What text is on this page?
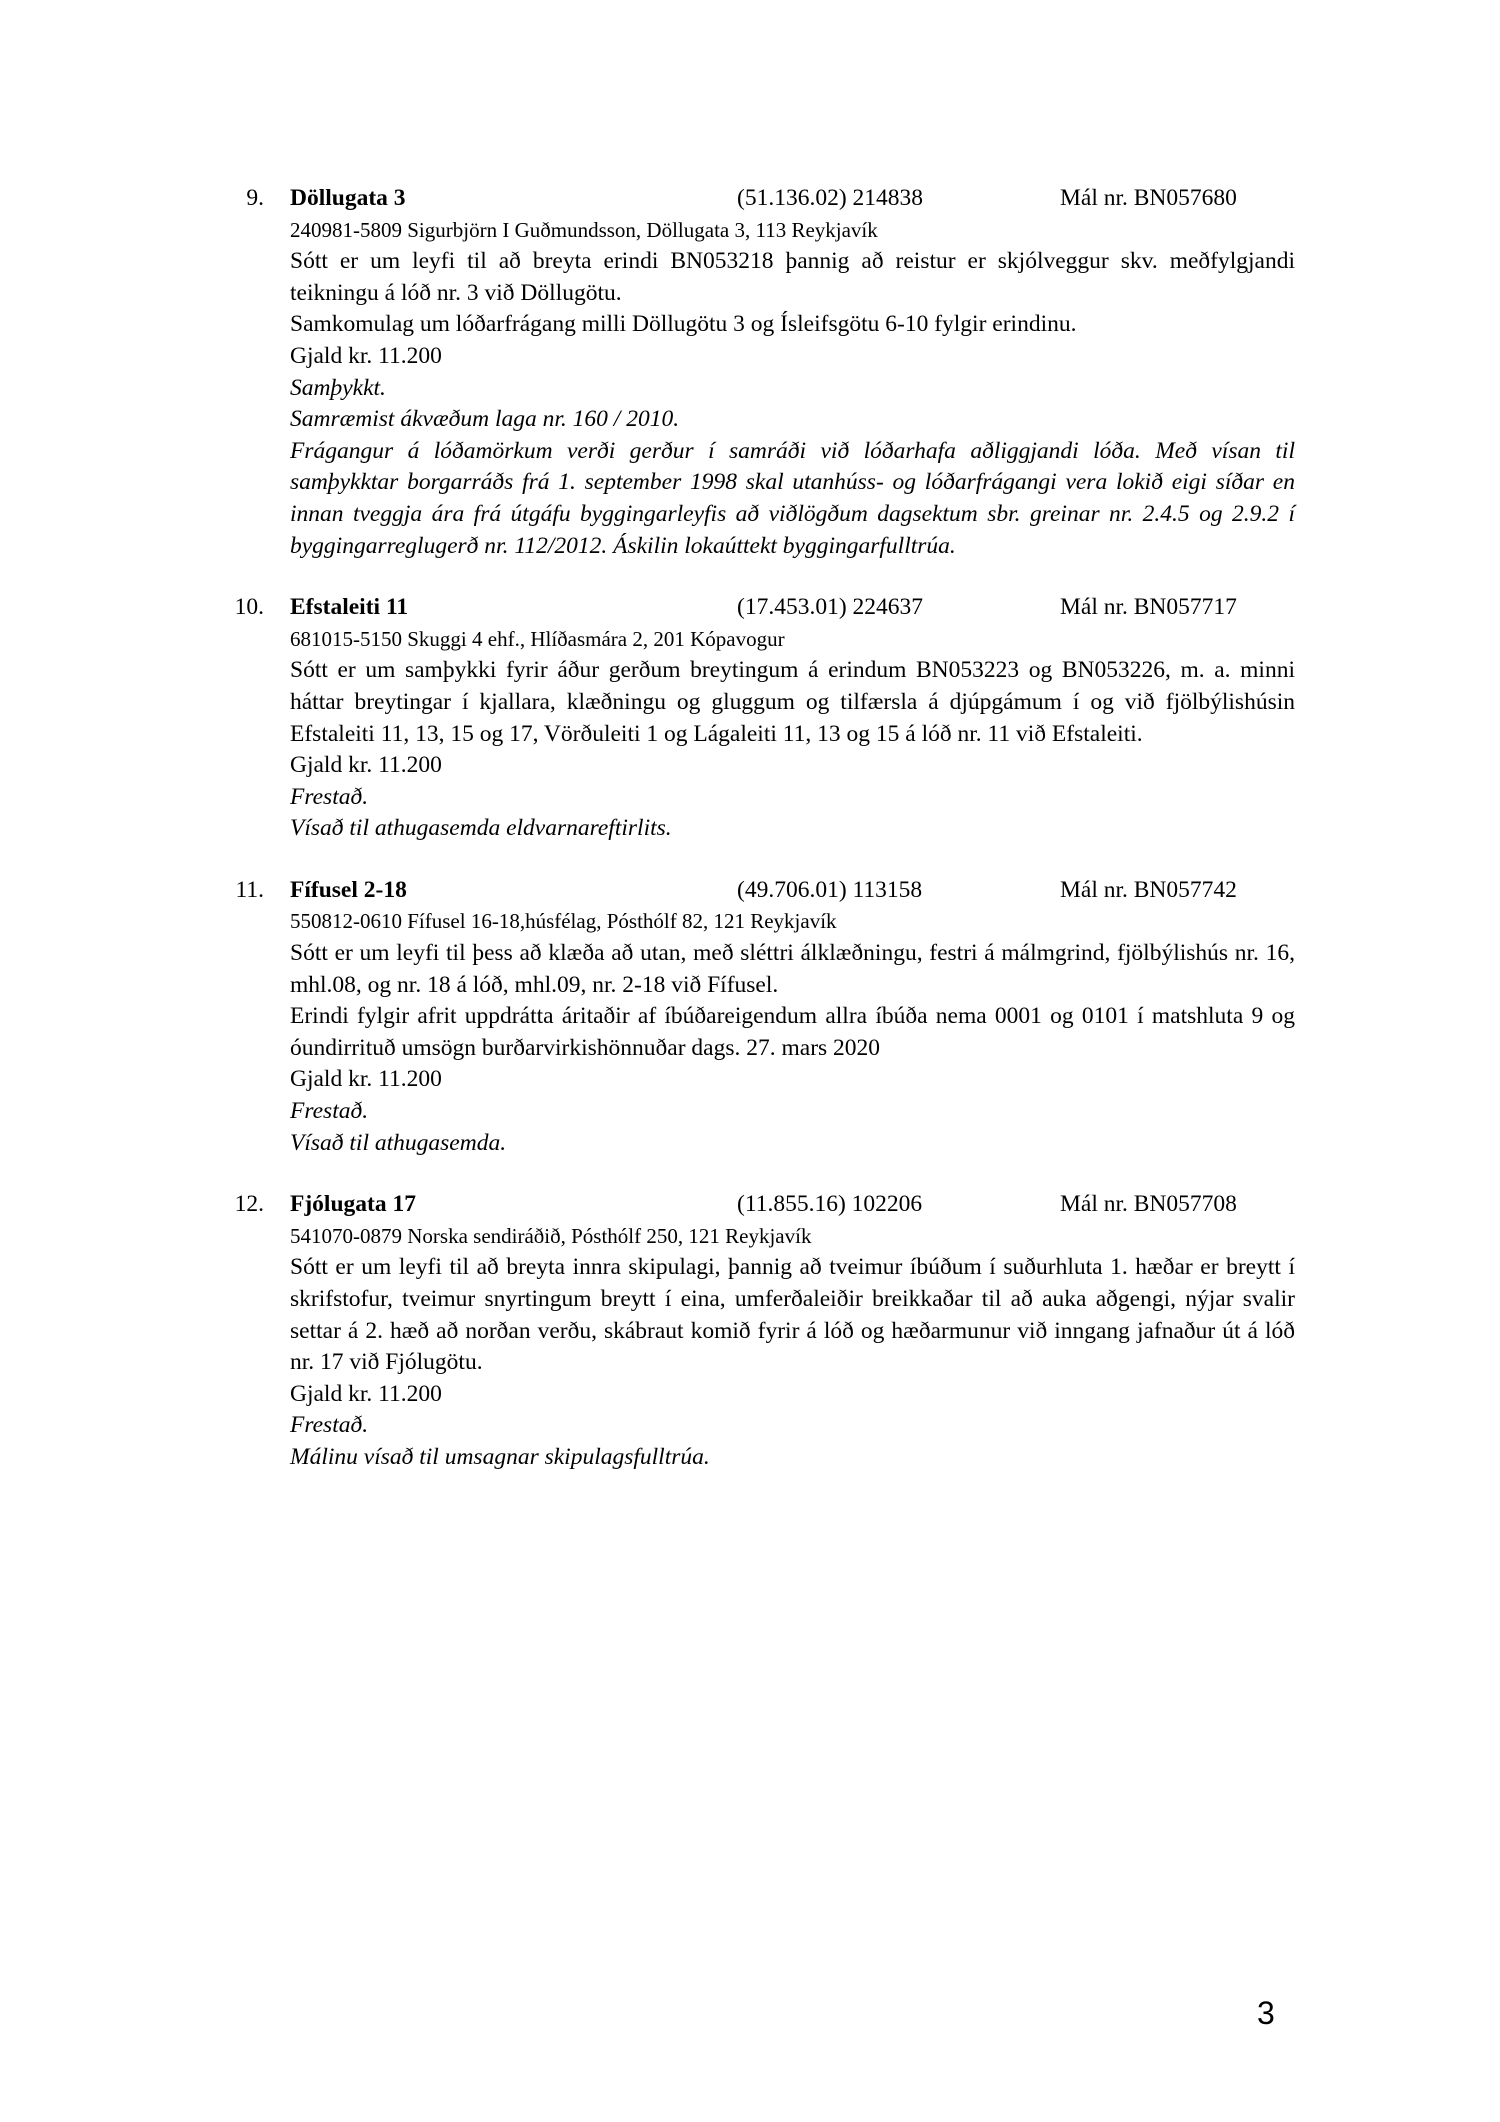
9.	Döllugata 3	(51.136.02) 214838	Mál nr. BN057680
240981-5809 Sigurbjörn I Guðmundsson, Döllugata 3, 113 Reykjavík

Sótt er um leyfi til að breyta erindi BN053218 þannig að reistur er skjólveggur skv. meðfylgjandi teikningu á lóð nr. 3 við Döllugötu.

Samkomulag um lóðarfrágang milli Döllugötu 3 og Ísleifsgötu 6-10 fylgir erindinu.

Gjald kr. 11.200

Samþykkt.

Samræmist ákvæðum laga nr. 160 / 2010.

Frágangur á lóðamörkum verði gerður í samráði við lóðarhafa aðliggjandi lóða. Með vísan til samþykktar borgarráðs frá 1. september 1998 skal utanhúss- og lóðarfrágangi vera lokið eigi síðar en innan tveggja ára frá útgáfu byggingarleyfis að viðlögðum dagsektum sbr. greinar nr. 2.4.5 og 2.9.2 í byggingarreglugerð nr. 112/2012. Áskilin lokaúttekt byggingarfulltrúa.

10.	Efstaleiti 11	(17.453.01) 224637	Mál nr. BN057717
681015-5150 Skuggi 4 ehf., Hlíðasmára 2, 201 Kópavogur

Sótt er um samþykki fyrir áður gerðum breytingum á erindum BN053223 og BN053226, m. a. minni háttar breytingar í kjallara, klæðningu og gluggum og tilfærsla á djúpgámum í og við fjölbýlishúsin Efstaleiti 11, 13, 15 og 17, Vörðuleiti 1 og Lágaleiti 11, 13 og 15 á lóð nr. 11 við Efstaleiti.

Gjald kr. 11.200

Frestað.

Vísað til athugasemda eldvarnareftirlits.

11.	Fífusel 2-18	(49.706.01) 113158	Mál nr. BN057742
550812-0610 Fífusel 16-18,húsfélag, Pósthólf 82, 121 Reykjavík

Sótt er um leyfi til þess að klæða að utan, með sléttri álklæðningu, festri á málmgrind, fjölbýlishús nr. 16, mhl.08, og nr. 18 á lóð, mhl.09, nr. 2-18 við Fífusel.

Erindi fylgir afrit uppdrátta áritaðir af íbúðareigendum allra íbúða nema 0001 og 0101 í matshluta 9 og óundirrituð umsögn burðarvirkishönnuðar dags. 27. mars 2020

Gjald kr. 11.200

Frestað.

Vísað til athugasemda.

12.	Fjólugata 17	(11.855.16) 102206	Mál nr. BN057708
541070-0879 Norska sendiráðið, Pósthólf 250, 121 Reykjavík

Sótt er um leyfi til að breyta innra skipulagi, þannig að tveimur íbúðum í suðurhluta 1. hæðar er breytt í skrifstofur, tveimur snyrtingum breytt í eina, umferðaleiðir breikkaðar til að auka aðgengi, nýjar svalir settar á 2. hæð að norðan verðu, skábraut komið fyrir á lóð og hæðarmunur við inngang jafnaður út á lóð nr. 17 við Fjólugötu.

Gjald kr. 11.200

Frestað.

Málinu vísað til umsagnar skipulagsfulltrúa.

3
